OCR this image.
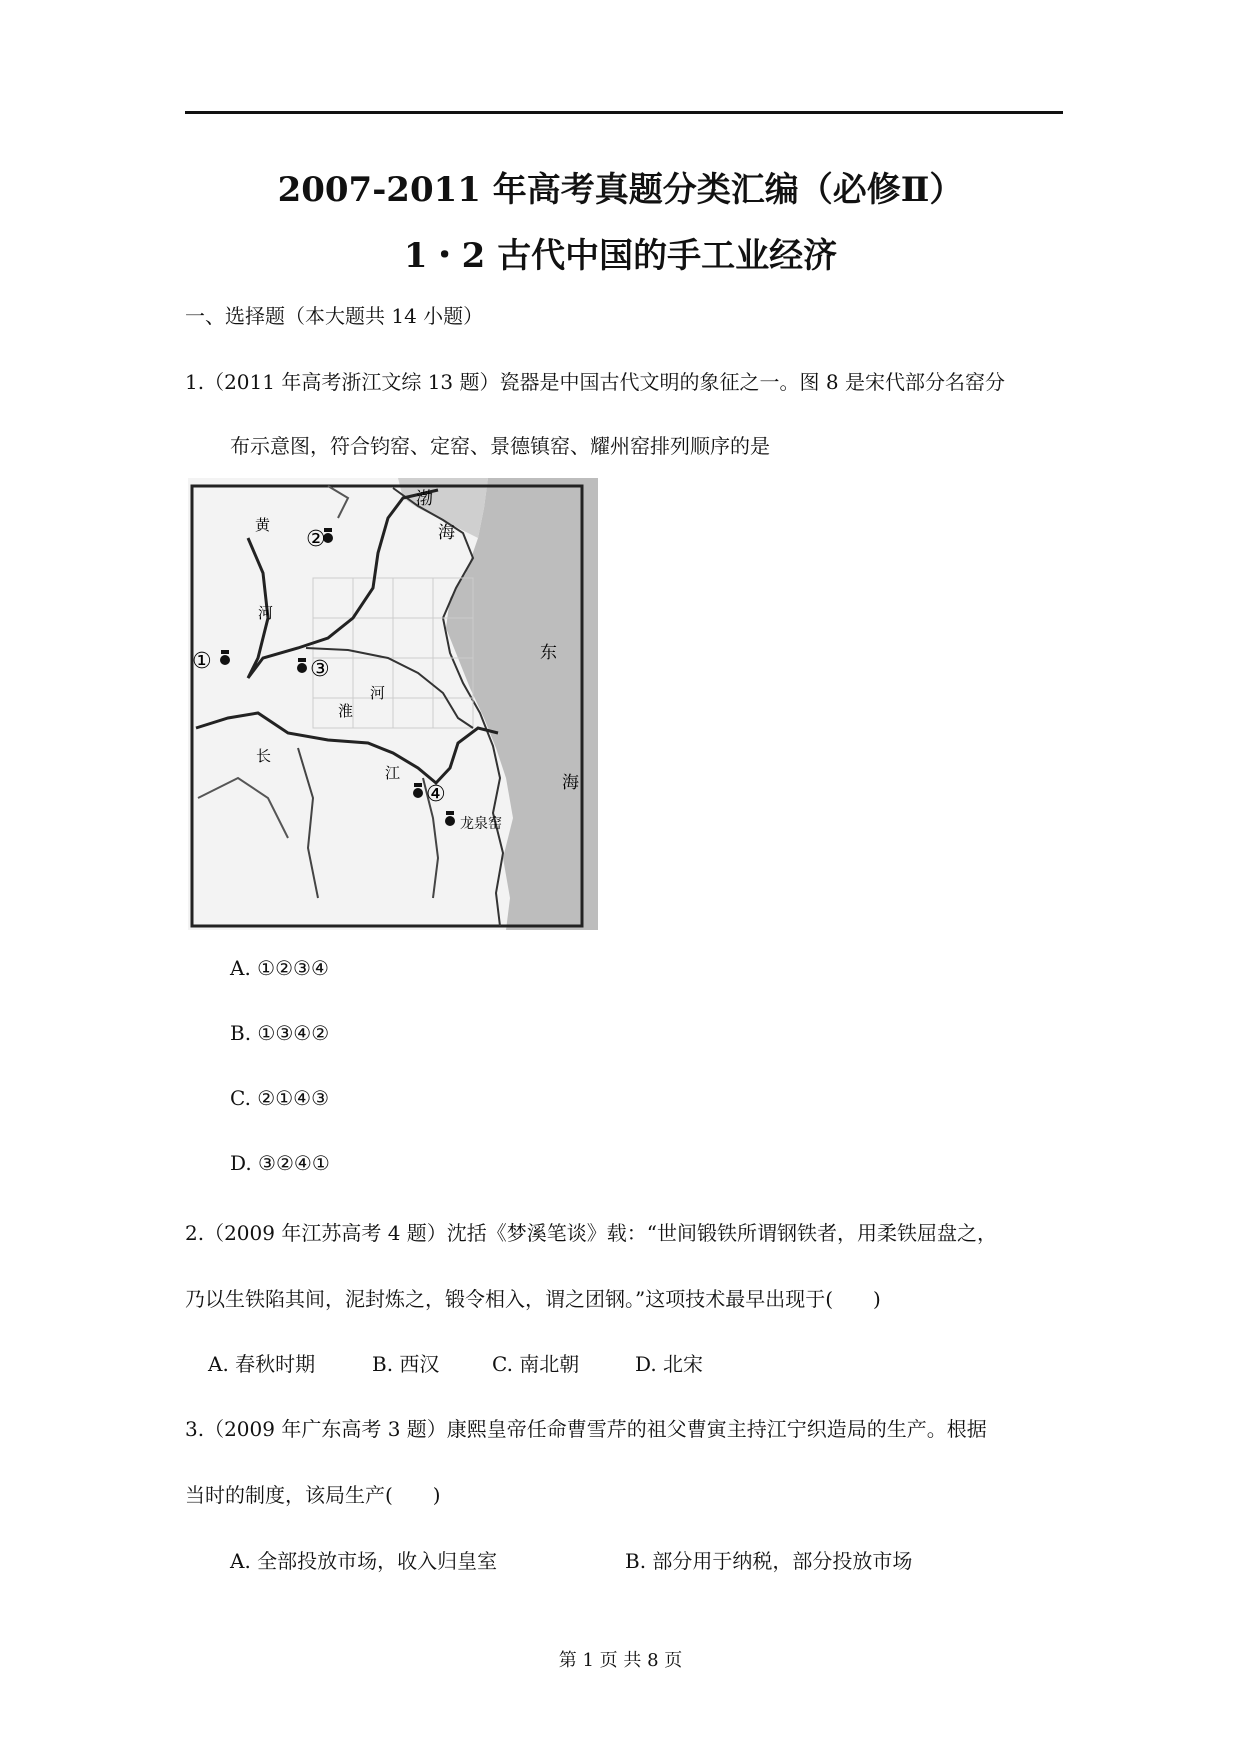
2007-2011 年高考真题分类汇编（必修Ⅱ）
1・2 古代中国的手工业经济
一、选择题（本大题共 14 小题）
1.（2011 年高考浙江文综 13 题）瓷器是中国古代文明的象征之一。图 8 是宋代部分名窑分
布示意图，符合钧窑、定窑、景德镇窑、耀州窑排列顺序的是
②
①	③
④
渤
海
黄
河
淮
河
长
江
东
海
龙泉窑
A. ①②③④
B. ①③④②
C. ②①④③
D. ③②④①
2.（2009 年江苏高考 4 题）沈括《梦溪笔谈》载：“世间锻铁所谓钢铁者，用柔铁屈盘之，
乃以生铁陷其间，泥封炼之，锻令相入，谓之团钢。”这项技术最早出现于(　　)
A. 春秋时期	B. 西汉	C. 南北朝	D. 北宋
3.（2009 年广东高考 3 题）康熙皇帝任命曹雪芹的祖父曹寅主持江宁织造局的生产。根据
当时的制度，该局生产(　　)
A. 全部投放市场，收入归皇室	B. 部分用于纳税，部分投放市场
第 1 页 共 8 页
